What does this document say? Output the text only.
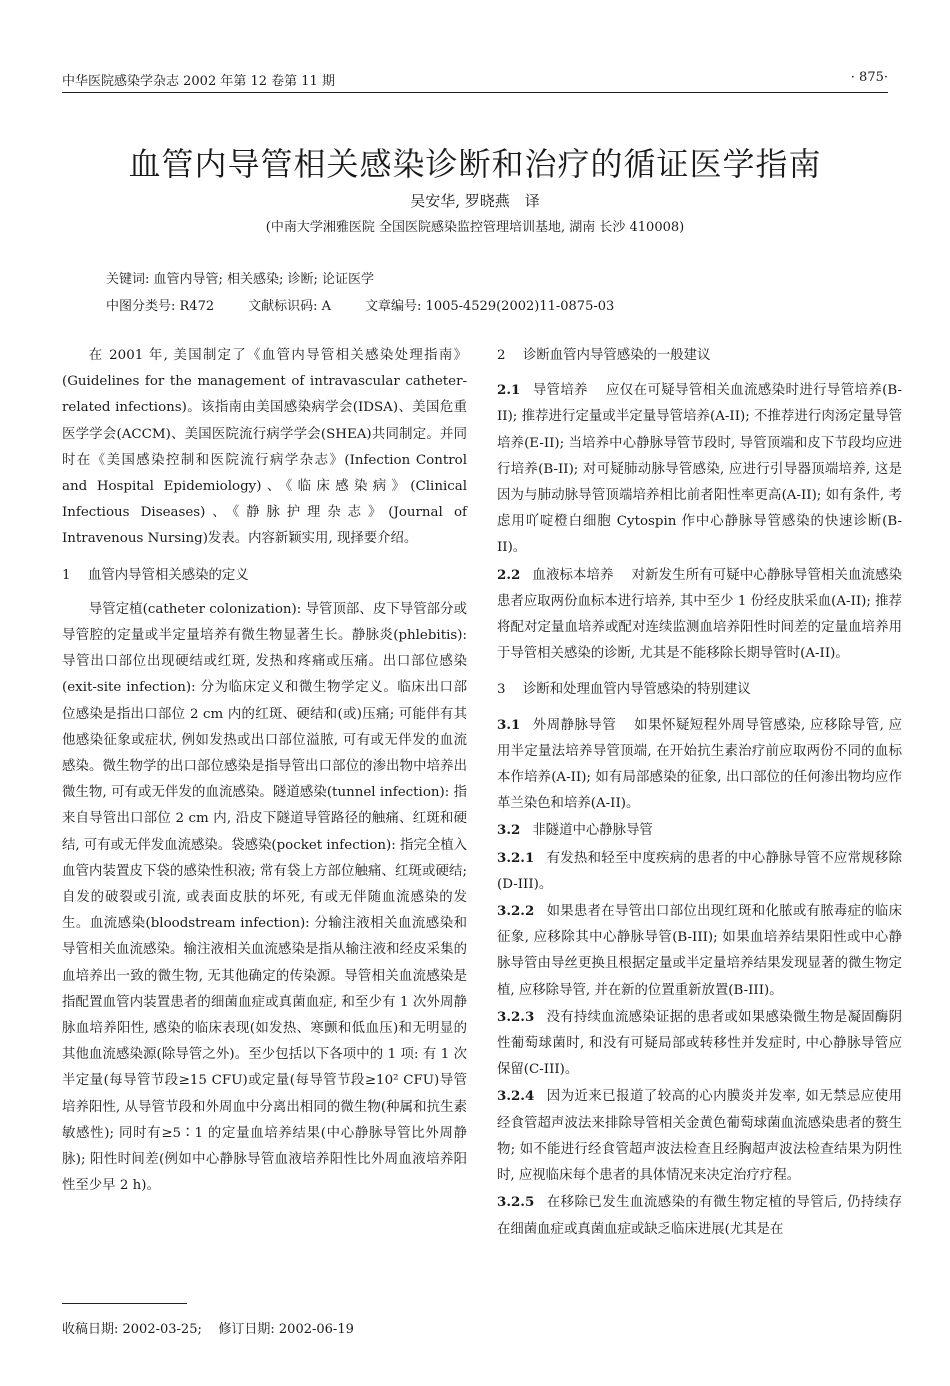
中华医院感染学杂志 2002 年第 12 卷第 11 期	· 875·
血管内导管相关感染诊断和治疗的循证医学指南
吴安华, 罗晓燕　译
(中南大学湘雅医院 全国医院感染监控管理培训基地, 湖南 长沙 410008)
关键词: 血管内导管; 相关感染; 诊断; 论证医学
中图分类号: R472	文献标识码: A	文章编号: 1005-4529(2002)11-0875-03

在 2001 年, 美国制定了《血管内导管相关感染处理指南》(Guidelines for the management of intravascular catheter-related infections)。该指南由美国感染病学会(IDSA)、美国危重医学学会(ACCM)、美国医院流行病学学会(SHEA)共同制定。并同时在《美国感染控制和医院流行病学杂志》(Infection Control and Hospital Epidemiology)、《临床感染病》(Clinical Infectious Diseases)、《静脉护理杂志》(Journal of Intravenous Nursing)发表。内容新颖实用, 现择要介绍。

1 血管内导管相关感染的定义

导管定植(catheter colonization): 导管顶部、皮下导管部分或导管腔的定量或半定量培养有微生物显著生长。静脉炎(phlebitis): 导管出口部位出现硬结或红斑, 发热和疼痛或压痛。出口部位感染(exit-site infection): 分为临床定义和微生物学定义。临床出口部位感染是指出口部位 2 cm 内的红斑、硬结和(或)压痛; 可能伴有其他感染征象或症状, 例如发热或出口部位溢脓, 可有或无伴发的血流感染。微生物学的出口部位感染是指导管出口部位的渗出物中培养出微生物, 可有或无伴发的血流感染。隧道感染(tunnel infection): 指来自导管出口部位 2 cm 内, 沿皮下隧道导管路径的触痛、红斑和硬结, 可有或无伴发血流感染。袋感染(pocket infection): 指完全植入血管内装置皮下袋的感染性积液; 常有袋上方部位触痛、红斑或硬结; 自发的破裂或引流, 或表面皮肤的坏死, 有或无伴随血流感染的发生。血流感染(bloodstream infection): 分输注液相关血流感染和导管相关血流感染。输注液相关血流感染是指从输注液和经皮采集的血培养出一致的微生物, 无其他确定的传染源。导管相关血流感染是指配置血管内装置患者的细菌血症或真菌血症, 和至少有 1 次外周静脉血培养阳性, 感染的临床表现(如发热、寒颤和低血压)和无明显的其他血流感染源(除导管之外)。至少包括以下各项中的 1 项: 有 1 次半定量(每导管节段≥15 CFU)或定量(每导管节段≥10² CFU)导管培养阳性, 从导管节段和外周血中分离出相同的微生物(种属和抗生素敏感性); 同时有≥5∶1 的定量血培养结果(中心静脉导管比外周静脉); 阳性时间差(例如中心静脉导管血液培养阳性比外周血液培养阳性至少早 2 h)。

2 诊断血管内导管感染的一般建议

2.1 导管培养 应仅在可疑导管相关血流感染时进行导管培养(B-II); 推荐进行定量或半定量导管培养(A-II); 不推荐进行肉汤定量导管培养(E-II); 当培养中心静脉导管节段时, 导管顶端和皮下节段均应进行培养(B-II); 对可疑肺动脉导管感染, 应进行引导器顶端培养, 这是因为与肺动脉导管顶端培养相比前者阳性率更高(A-II); 如有条件, 考虑用吖啶橙白细胞 Cytospin 作中心静脉导管感染的快速诊断(B-II)。

2.2 血液标本培养 对新发生所有可疑中心静脉导管相关血流感染患者应取两份血标本进行培养, 其中至少 1 份经皮肤采血(A-II); 推荐将配对定量血培养或配对连续监测血培养阳性时间差的定量血培养用于导管相关感染的诊断, 尤其是不能移除长期导管时(A-II)。

3 诊断和处理血管内导管感染的特别建议

3.1 外周静脉导管 如果怀疑短程外周导管感染, 应移除导管, 应用半定量法培养导管顶端, 在开始抗生素治疗前应取两份不同的血标本作培养(A-II); 如有局部感染的征象, 出口部位的任何渗出物均应作革兰染色和培养(A-II)。

3.2 非隧道中心静脉导管

3.2.1 有发热和轻至中度疾病的患者的中心静脉导管不应常规移除(D-III)。

3.2.2 如果患者在导管出口部位出现红斑和化脓或有脓毒症的临床征象, 应移除其中心静脉导管(B-III); 如果血培养结果阳性或中心静脉导管由导丝更换且根据定量或半定量培养结果发现显著的微生物定植, 应移除导管, 并在新的位置重新放置(B-III)。

3.2.3 没有持续血流感染证据的患者或如果感染微生物是凝固酶阴性葡萄球菌时, 和没有可疑局部或转移性并发症时, 中心静脉导管应保留(C-III)。

3.2.4 因为近来已报道了较高的心内膜炎并发率, 如无禁忌应使用经食管超声波法来排除导管相关金黄色葡萄球菌血流感染患者的赘生物; 如不能进行经食管超声波法检查且经胸超声波法检查结果为阴性时, 应视临床每个患者的具体情况来决定治疗疗程。

3.2.5 在移除已发生血流感染的有微生物定植的导管后, 仍持续存在细菌血症或真菌血症或缺乏临床进展(尤其是在

收稿日期: 2002-03-25; 修订日期: 2002-06-19
